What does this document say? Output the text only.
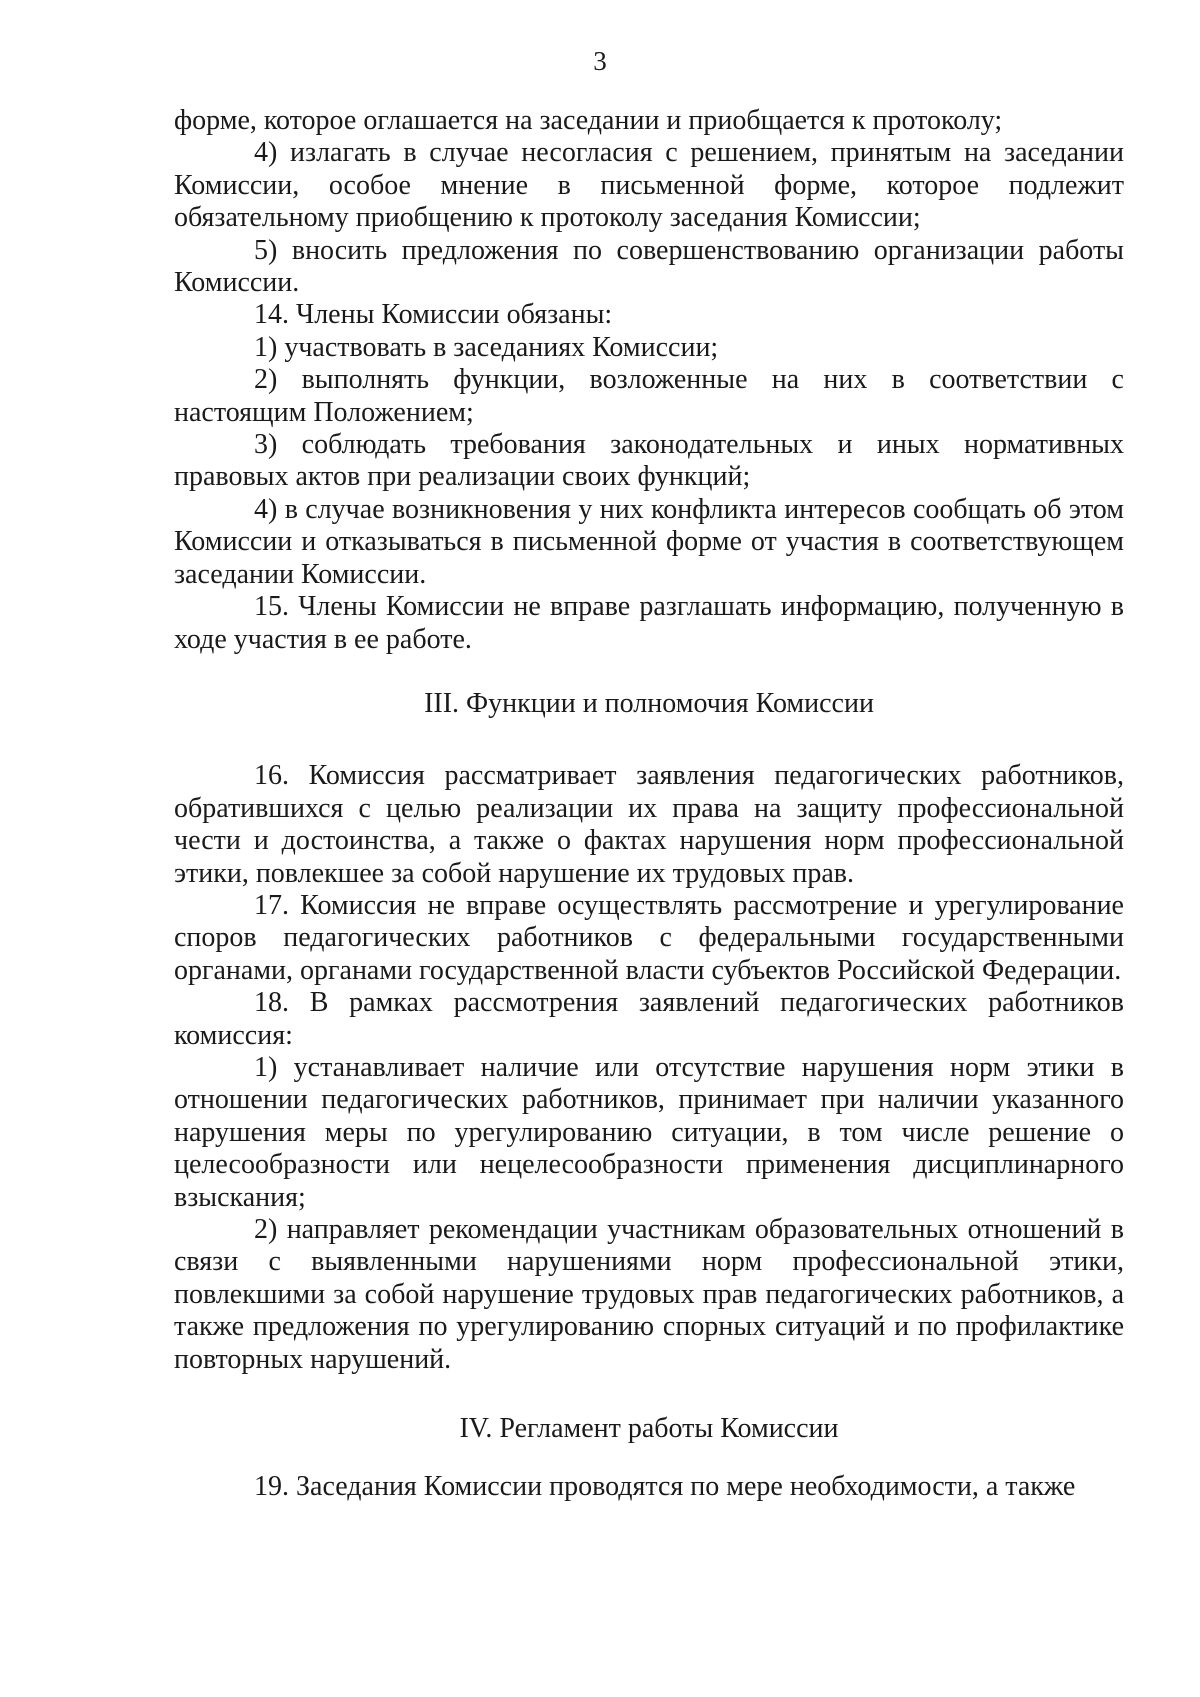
3

форме, которое оглашается на заседании и приобщается к протоколу;

4) излагать в случае несогласия с решением, принятым на заседании Комиссии, особое мнение в письменной форме, которое подлежит обязательному приобщению к протоколу заседания Комиссии;

5) вносить предложения по совершенствованию организации работы Комиссии.

14. Члены Комиссии обязаны:

1) участвовать в заседаниях Комиссии;

2) выполнять функции, возложенные на них в соответствии с настоящим Положением;

3) соблюдать требования законодательных и иных нормативных правовых актов при реализации своих функций;

4) в случае возникновения у них конфликта интересов сообщать об этом Комиссии и отказываться в письменной форме от участия в соответствующем заседании Комиссии.

15. Члены Комиссии не вправе разглашать информацию, полученную в ходе участия в ее работе.

III. Функции и полномочия Комиссии

16. Комиссия рассматривает заявления педагогических работников, обратившихся с целью реализации их права на защиту профессиональной чести и достоинства, а также о фактах нарушения норм профессиональной этики, повлекшее за собой нарушение их трудовых прав.

17. Комиссия не вправе осуществлять рассмотрение и урегулирование споров педагогических работников с федеральными государственными органами, органами государственной власти субъектов Российской Федерации.

18. В рамках рассмотрения заявлений педагогических работников комиссия:

1) устанавливает наличие или отсутствие нарушения норм этики в отношении педагогических работников, принимает при наличии указанного нарушения меры по урегулированию ситуации, в том числе решение о целесообразности или нецелесообразности применения дисциплинарного взыскания;

2) направляет рекомендации участникам образовательных отношений в связи с выявленными нарушениями норм профессиональной этики, повлекшими за собой нарушение трудовых прав педагогических работников, а также предложения по урегулированию спорных ситуаций и по профилактике повторных нарушений.

IV. Регламент работы Комиссии

19. Заседания Комиссии проводятся по мере необходимости, а также
